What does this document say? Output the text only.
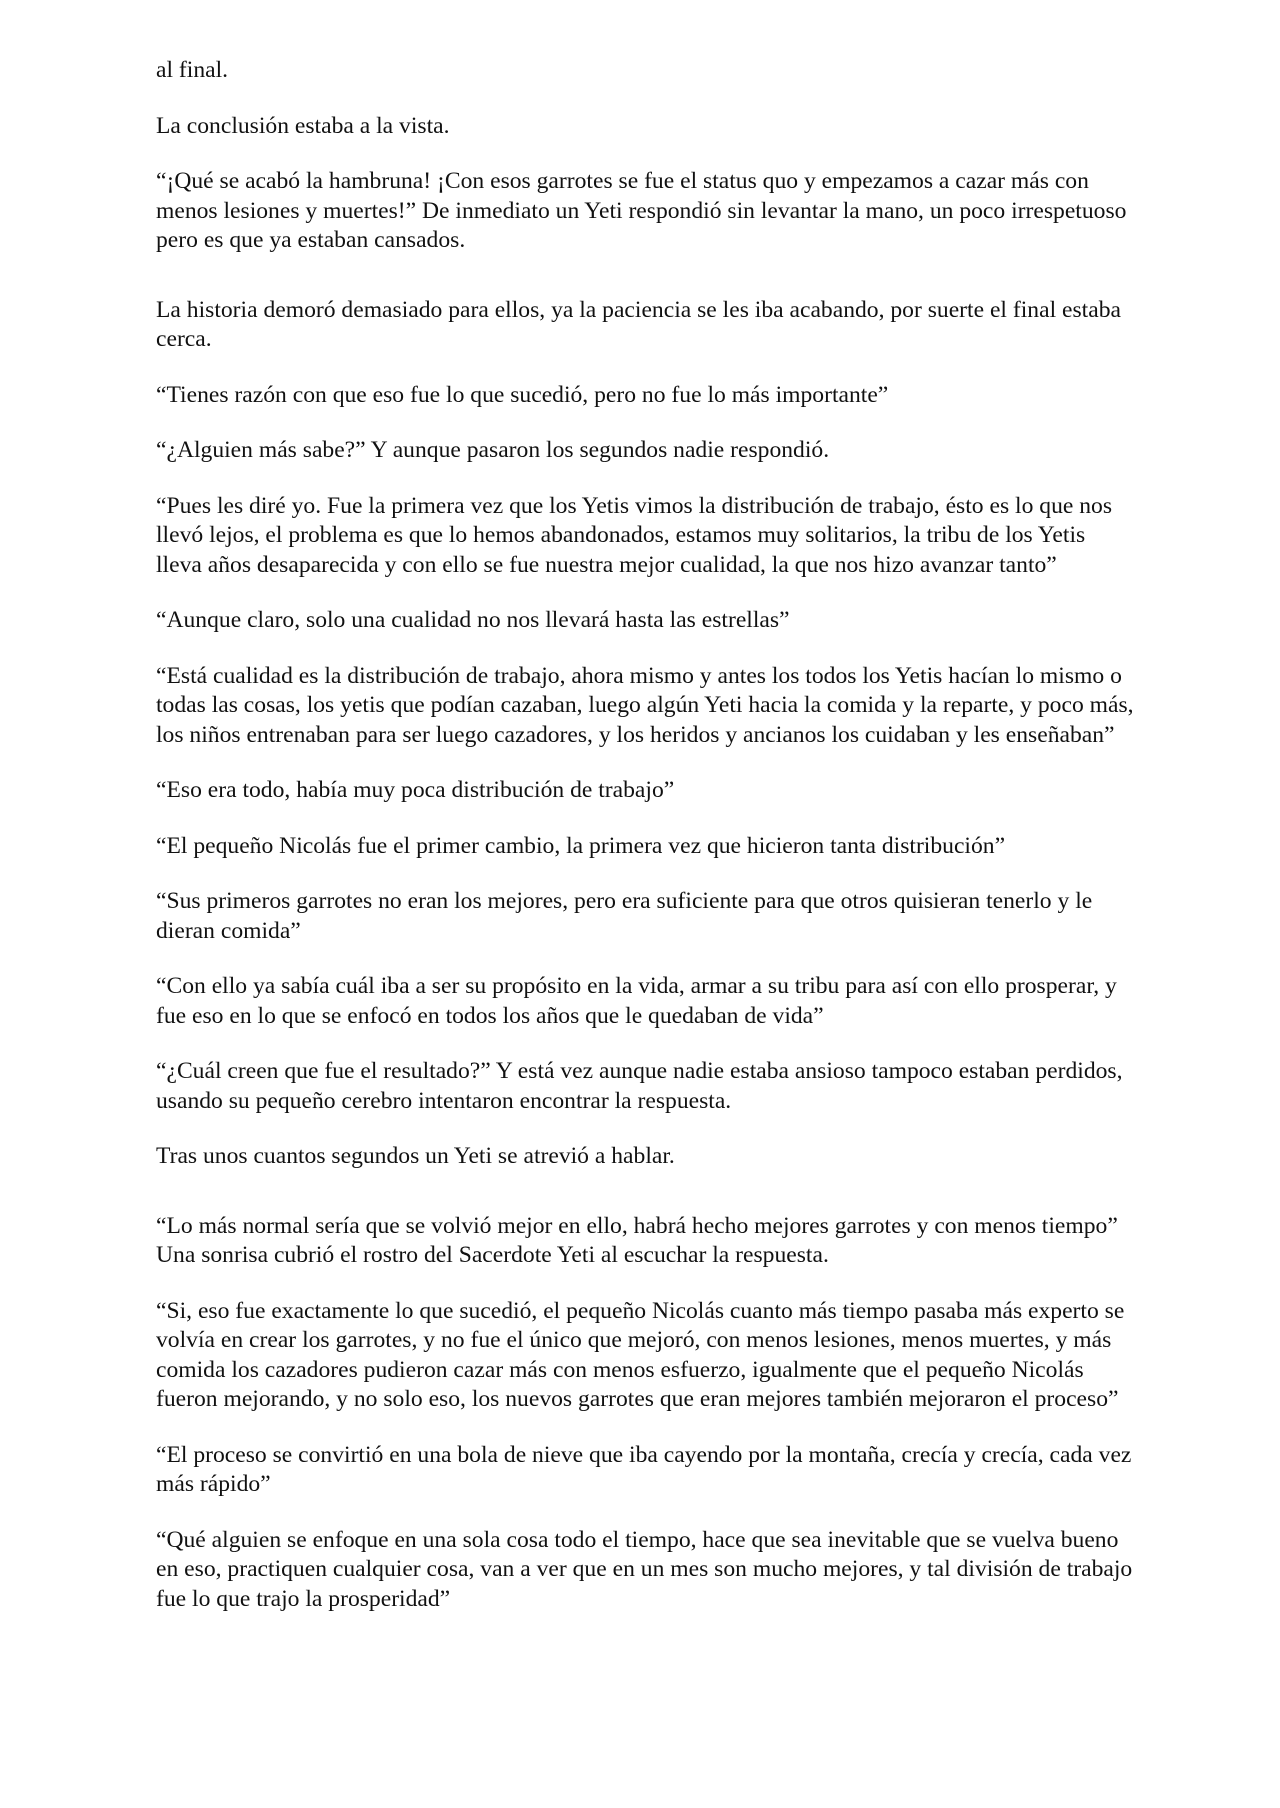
al final.

La conclusión estaba a la vista.

“¡Qué se acabó la hambruna! ¡Con esos garrotes se fue el status quo y empezamos a cazar más con menos lesiones y muertes!” De inmediato un Yeti respondió sin levantar la mano, un poco irrespetuoso pero es que ya estaban cansados.

La historia demoró demasiado para ellos, ya la paciencia se les iba acabando, por suerte el final estaba cerca.

“Tienes razón con que eso fue lo que sucedió, pero no fue lo más importante”

“¿Alguien más sabe?” Y aunque pasaron los segundos nadie respondió.

“Pues les diré yo. Fue la primera vez que los Yetis vimos la distribución de trabajo, ésto es lo que nos llevó lejos, el problema es que lo hemos abandonados, estamos muy solitarios, la tribu de los Yetis lleva años desaparecida y con ello se fue nuestra mejor cualidad, la que nos hizo avanzar tanto”

“Aunque claro, solo una cualidad no nos llevará hasta las estrellas”

“Está cualidad es la distribución de trabajo, ahora mismo y antes los todos los Yetis hacían lo mismo o todas las cosas, los yetis que podían cazaban, luego algún Yeti hacia la comida y la reparte, y poco más, los niños entrenaban para ser luego cazadores, y los heridos y ancianos los cuidaban y les enseñaban”

“Eso era todo, había muy poca distribución de trabajo”

“El pequeño Nicolás fue el primer cambio, la primera vez que hicieron tanta distribución”

“Sus primeros garrotes no eran los mejores, pero era suficiente para que otros quisieran tenerlo y le dieran comida”

“Con ello ya sabía cuál iba a ser su propósito en la vida, armar a su tribu para así con ello prosperar, y fue eso en lo que se enfocó en todos los años que le quedaban de vida”

“¿Cuál creen que fue el resultado?” Y está vez aunque nadie estaba ansioso tampoco estaban perdidos, usando su pequeño cerebro intentaron encontrar la respuesta.

Tras unos cuantos segundos un Yeti se atrevió a hablar.

“Lo más normal sería que se volvió mejor en ello, habrá hecho mejores garrotes y con menos tiempo” Una sonrisa cubrió el rostro del Sacerdote Yeti al escuchar la respuesta.

“Si, eso fue exactamente lo que sucedió, el pequeño Nicolás cuanto más tiempo pasaba más experto se volvía en crear los garrotes, y no fue el único que mejoró, con menos lesiones, menos muertes, y más comida los cazadores pudieron cazar más con menos esfuerzo, igualmente que el pequeño Nicolás fueron mejorando, y no solo eso, los nuevos garrotes que eran mejores también mejoraron el proceso”

“El proceso se convirtió en una bola de nieve que iba cayendo por la montaña, crecía y crecía, cada vez más rápido”

“Qué alguien se enfoque en una sola cosa todo el tiempo, hace que sea inevitable que se vuelva bueno en eso, practiquen cualquier cosa, van a ver que en un mes son mucho mejores, y tal división de trabajo fue lo que trajo la prosperidad”
